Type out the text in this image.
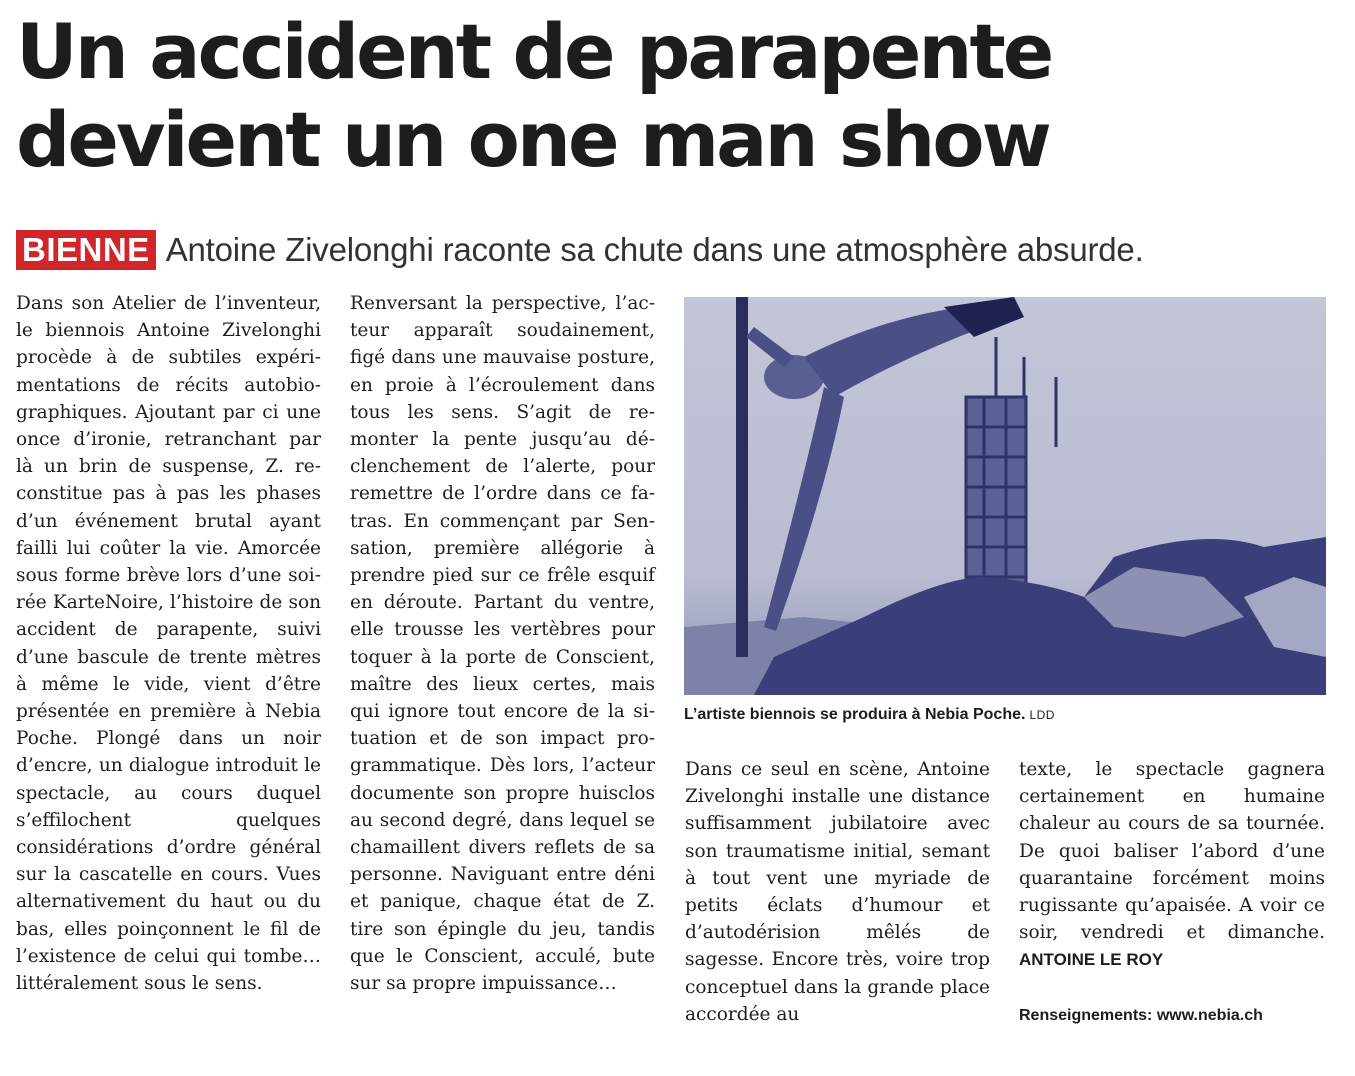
Un accident de parapente
devient un one man show
BIENNE Antoine Zivelonghi raconte sa chute dans une atmosphère absurde.

Dans son Atelier de l’inventeur, le biennois Antoine Zivelonghi procède à de subtiles expérimentations de récits autobiographiques. Ajoutant par ci une once d’ironie, retranchant par là un brin de suspense, Z. reconstitue pas à pas les phases d’un événement brutal ayant failli lui coûter la vie. Amorcée sous forme brève lors d’une soirée KarteNoire, l’histoire de son accident de parapente, suivi d’une bascule de trente mètres à même le vide, vient d’être présentée en première à Nebia Poche. Plongé dans un noir d’encre, un dialogue introduit le spectacle, au cours duquel s’effilochent quelques considérations d’ordre général sur la cascatelle en cours. Vues alternativement du haut ou du bas, elles poinçonnent le fil de l’existence de celui qui tombe… littéralement sous le sens.

Renversant la perspective, l’acteur apparaît soudainement, figé dans une mauvaise posture, en proie à l’écroulement dans tous les sens. S’agit de remonter la pente jusqu’au déclenchement de l’alerte, pour remettre de l’ordre dans ce fatras. En commençant par Sensation, première allégorie à prendre pied sur ce frêle esquif en déroute. Partant du ventre, elle trousse les vertèbres pour toquer à la porte de Conscient, maître des lieux certes, mais qui ignore tout encore de la situation et de son impact programmatique. Dès lors, l’acteur documente son propre huisclos au second degré, dans lequel se chamaillent divers reflets de sa personne. Naviguant entre déni et panique, chaque état de Z. tire son épingle du jeu, tandis que le Conscient, acculé, bute sur sa propre impuissance…

L’artiste biennois se produira à Nebia Poche. LDD

Dans ce seul en scène, Antoine Zivelonghi installe une distance suffisamment jubilatoire avec son traumatisme initial, semant à tout vent une myriade de petits éclats d’humour et d’autodérision mêlés de sagesse. Encore très, voire trop conceptuel dans la grande place accordée au

texte, le spectacle gagnera certainement en humaine chaleur au cours de sa tournée. De quoi baliser l’abord d’une quarantaine forcément moins rugissante qu’apaisée. A voir ce soir, vendredi et dimanche. ANTOINE LE ROY

Renseignements: www.nebia.ch
